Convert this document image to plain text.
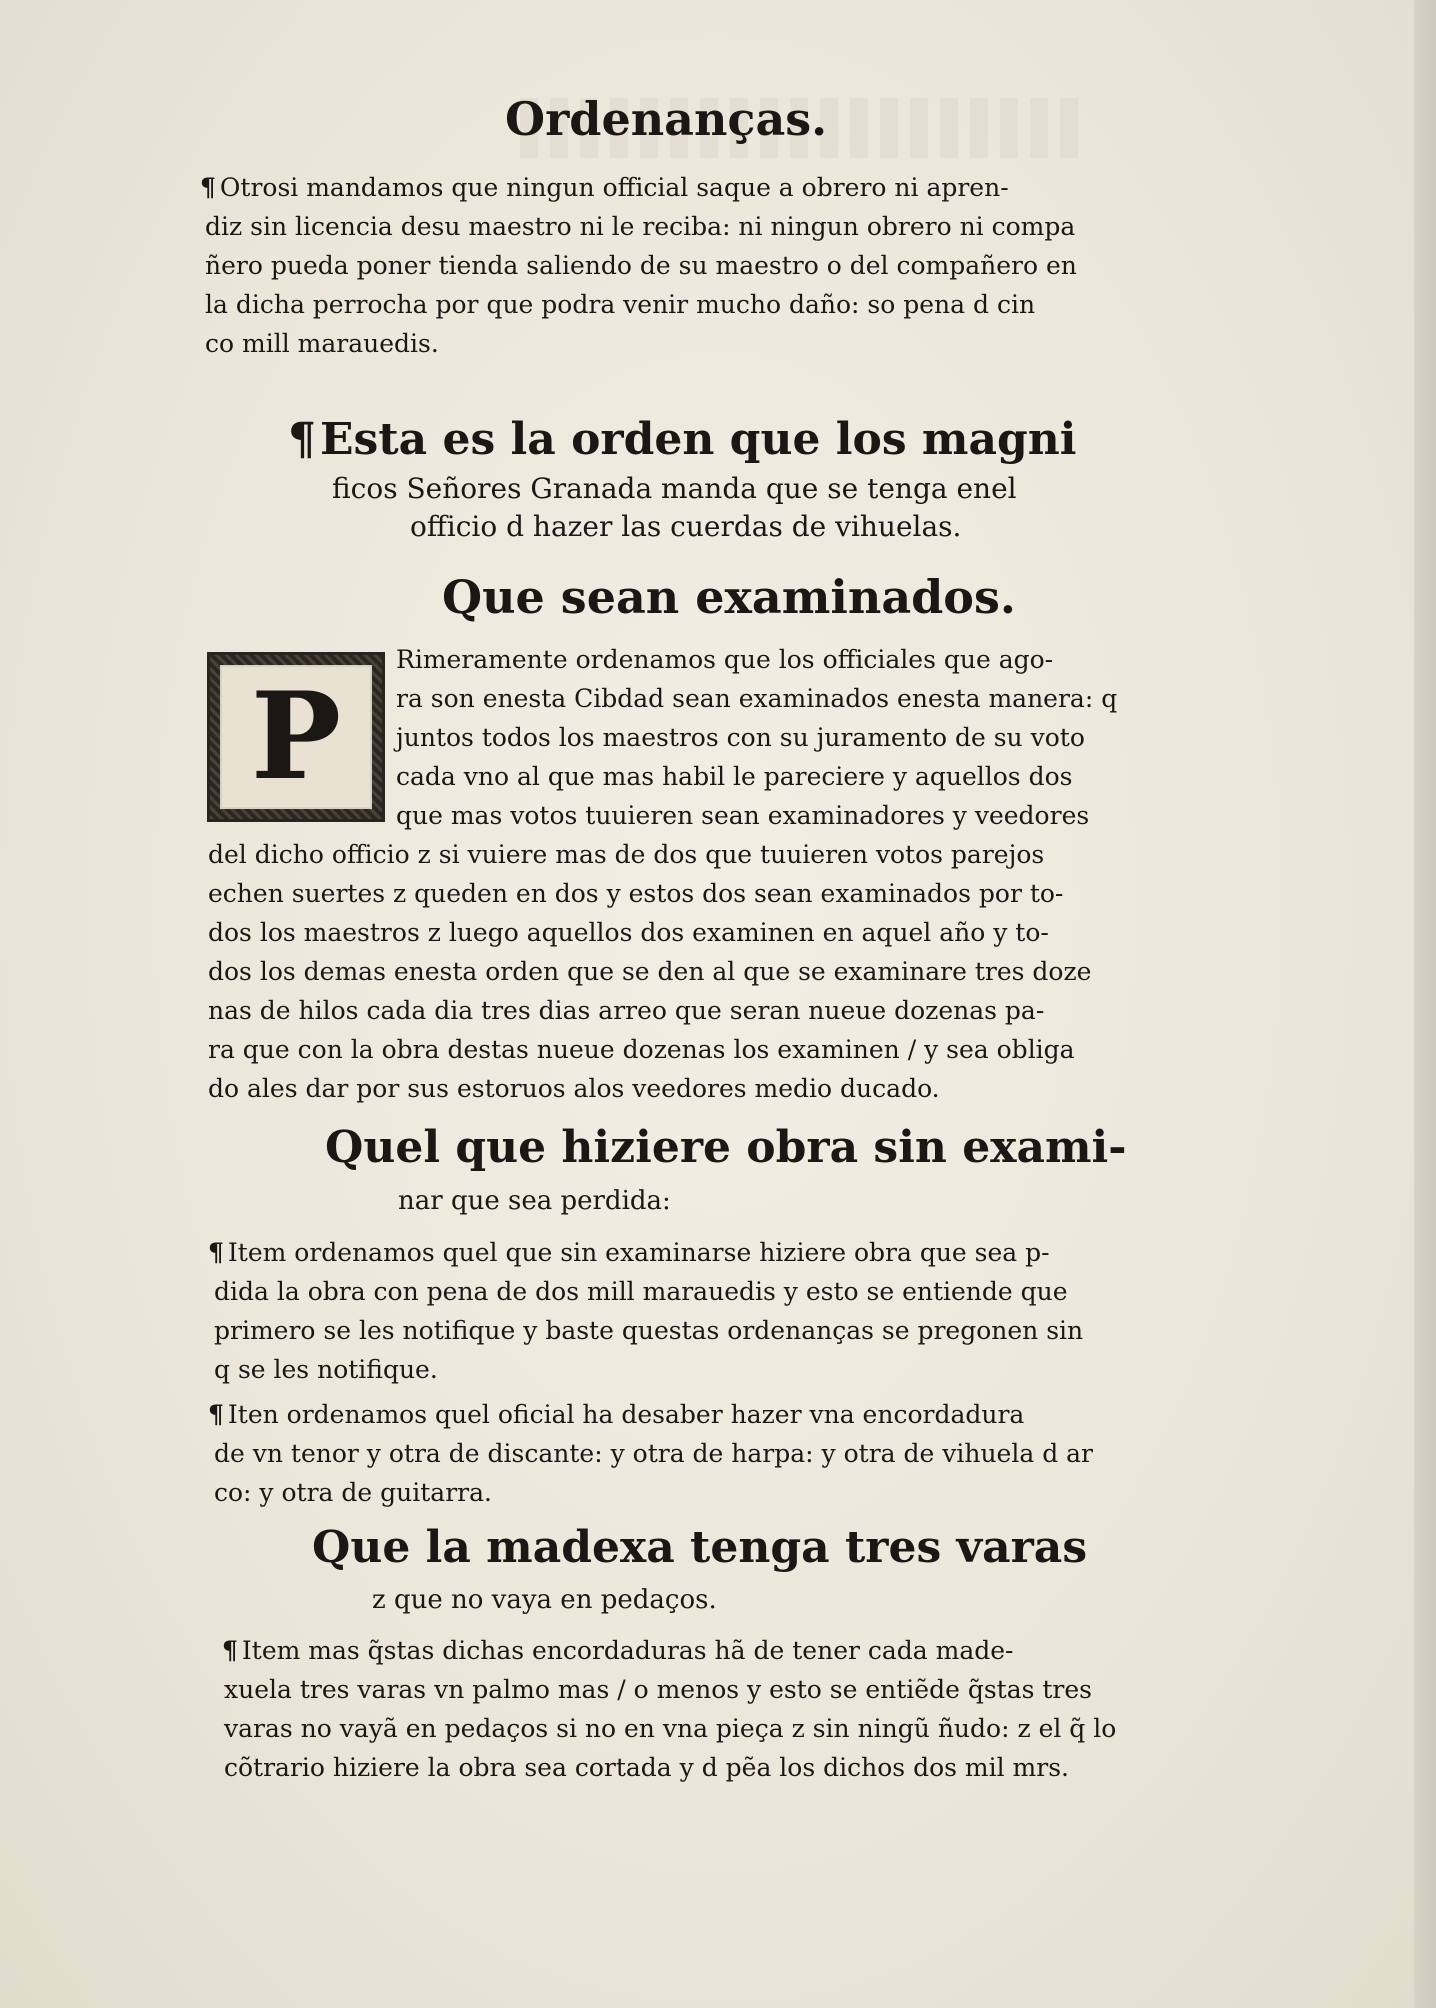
Ordenanças.
¶ Otrosi mandamos que ningun official saque a obrero ni apren-
diz sin licencia desu maestro ni le reciba: ni ningun obrero ni compa
ñero pueda poner tienda saliendo de su maestro o del compañero en
la dicha perrocha por que podra venir mucho daño: so pena d cin
co mill marauedis.
¶Esta es la orden que los magni
ficos Señores Granada manda que se tenga enel
officio d hazer las cuerdas de vihuelas.
Que sean examinados.
P
Rimeramente ordenamos que los officiales que ago-
ra son enesta Cibdad sean examinados enesta manera: q
juntos todos los maestros con su juramento de su voto
cada vno al que mas habil le pareciere y aquellos dos
que mas votos tuuieren sean examinadores y veedores
del dicho officio z si vuiere mas de dos que tuuieren votos parejos
echen suertes z queden en dos y estos dos sean examinados por to-
dos los maestros z luego aquellos dos examinen en aquel año y to-
dos los demas enesta orden que se den al que se examinare tres doze
nas de hilos cada dia tres dias arreo que seran nueue dozenas pa-
ra que con la obra destas nueue dozenas los examinen / y sea obliga
do ales dar por sus estoruos alos veedores medio ducado.
Quel que hiziere obra sin exami-
nar que sea perdida:
¶ Item ordenamos quel que sin examinarse hiziere obra que sea p-
dida la obra con pena de dos mill marauedis y esto se entiende que
primero se les notifique y baste questas ordenanças se pregonen sin
q se les notifique.
¶ Iten ordenamos quel oficial ha desaber hazer vna encordadura
de vn tenor y otra de discante: y otra de harpa: y otra de vihuela d ar
co: y otra de guitarra.
Que la madexa tenga tres varas
z que no vaya en pedaços.
¶ Item mas q̃stas dichas encordaduras hã de tener cada made-
xuela tres varas vn palmo mas / o menos y esto se entiẽde q̃stas tres
varas no vayã en pedaços si no en vna pieça z sin ningũ ñudo: z el q̃ lo
cõtrario hiziere la obra sea cortada y d pẽa los dichos dos mil mrs.
